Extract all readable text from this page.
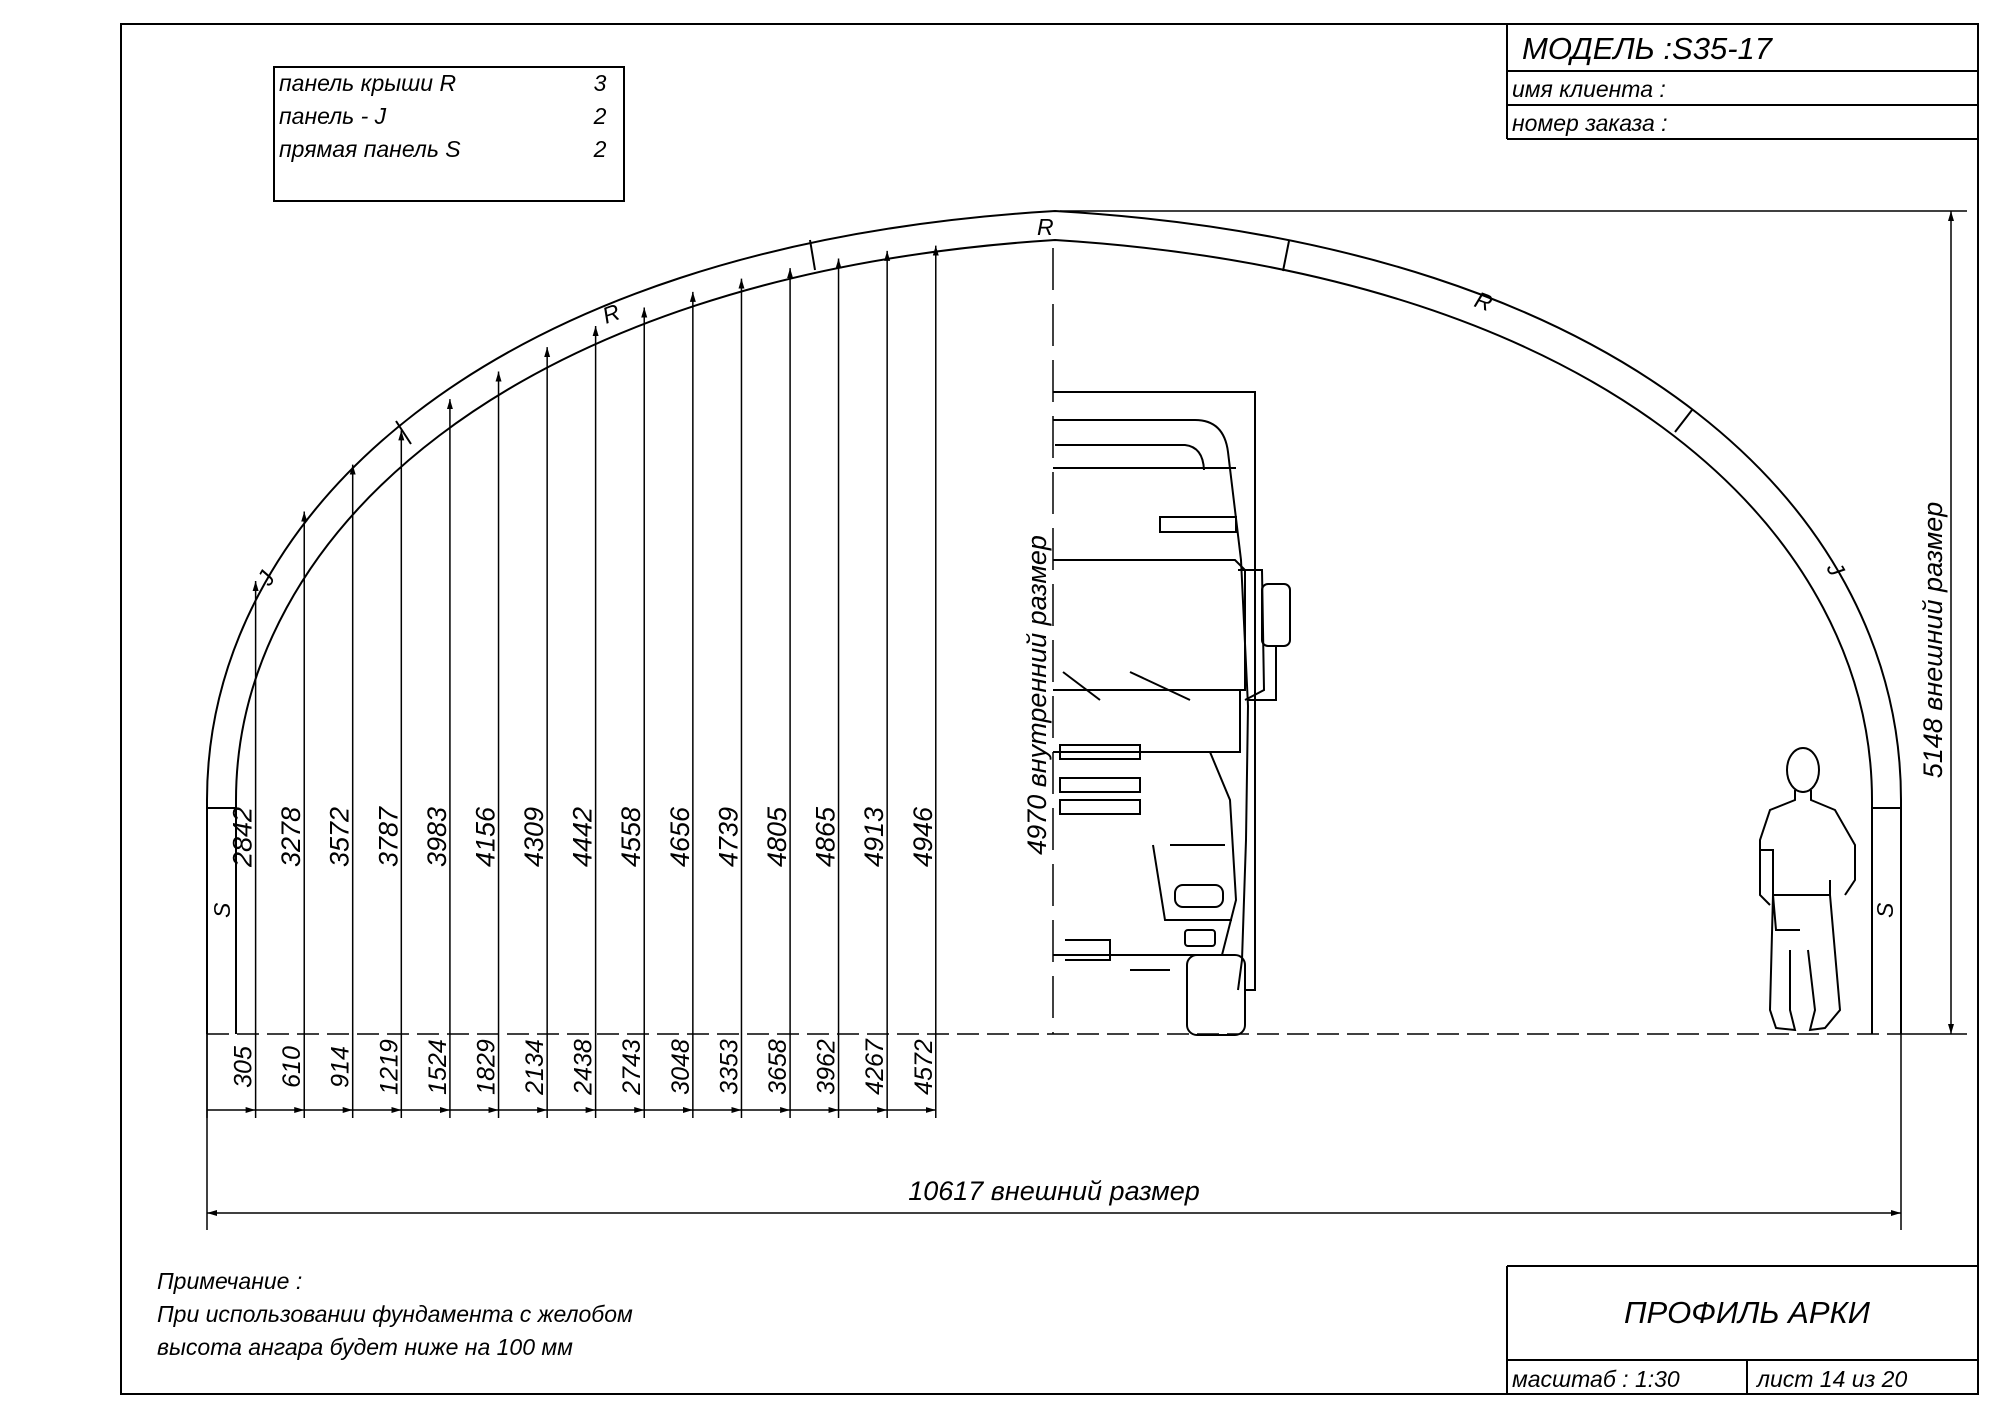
МОДЕЛЬ :S35-17
имя клиента :
номер заказа :
панель крыши R	3
панель - J	2
прямая панель S	2
S
J
R
R
R
J
S
2842
305
3278
610
3572
914
3787
1219
3983
1524
4156
1829
4309
2134
4442
2438
4558
2743
4656
3048
4739
3353
4805
3658
4865
3962
4913
4267
4946
4572
10617 внешний размер
5148 внешний размер
4970 внутренний размер
Примечание :
При использовании фундамента с желобом
высота ангара будет ниже на 100 мм
ПРОФИЛЬ АРКИ
масштаб : 1:30	лист 14 из 20
